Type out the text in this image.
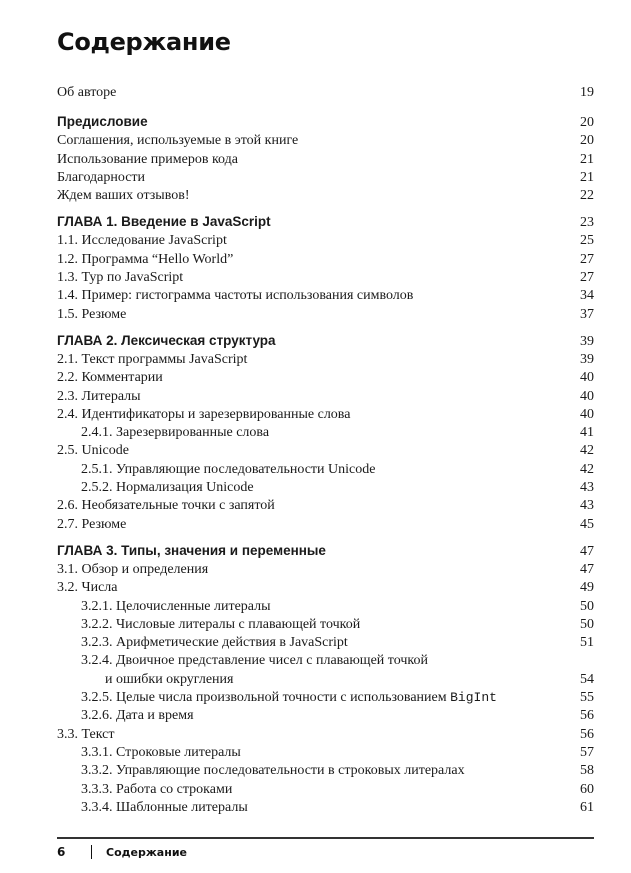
Содержание
Об авторе	19
Предисловие	20
Соглашения, используемые в этой книге	20
Использование примеров кода	21
Благодарности	21
Ждем ваших отзывов!	22
ГЛАВА 1. Введение в JavaScript	23
1.1. Исследование JavaScript	25
1.2. Программа “Hello World”	27
1.3. Тур по JavaScript	27
1.4. Пример: гистограмма частоты использования символов	34
1.5. Резюме	37
ГЛАВА 2. Лексическая структура	39
2.1. Текст программы JavaScript	39
2.2. Комментарии	40
2.3. Литералы	40
2.4. Идентификаторы и зарезервированные слова	40
2.4.1. Зарезервированные слова	41
2.5. Unicode	42
2.5.1. Управляющие последовательности Unicode	42
2.5.2. Нормализация Unicode	43
2.6. Необязательные точки с запятой	43
2.7. Резюме	45
ГЛАВА 3. Типы, значения и переменные	47
3.1. Обзор и определения	47
3.2. Числа	49
3.2.1. Целочисленные литералы	50
3.2.2. Числовые литералы с плавающей точкой	50
3.2.3. Арифметические действия в JavaScript	51
3.2.4. Двоичное представление чисел с плавающей точкой
и ошибки округления	54
3.2.5. Целые числа произвольной точности с использованием BigInt	55
3.2.6. Дата и время	56
3.3. Текст	56
3.3.1. Строковые литералы	57
3.3.2. Управляющие последовательности в строковых литералах	58
3.3.3. Работа со строками	60
3.3.4. Шаблонные литералы	61
6	Содержание
